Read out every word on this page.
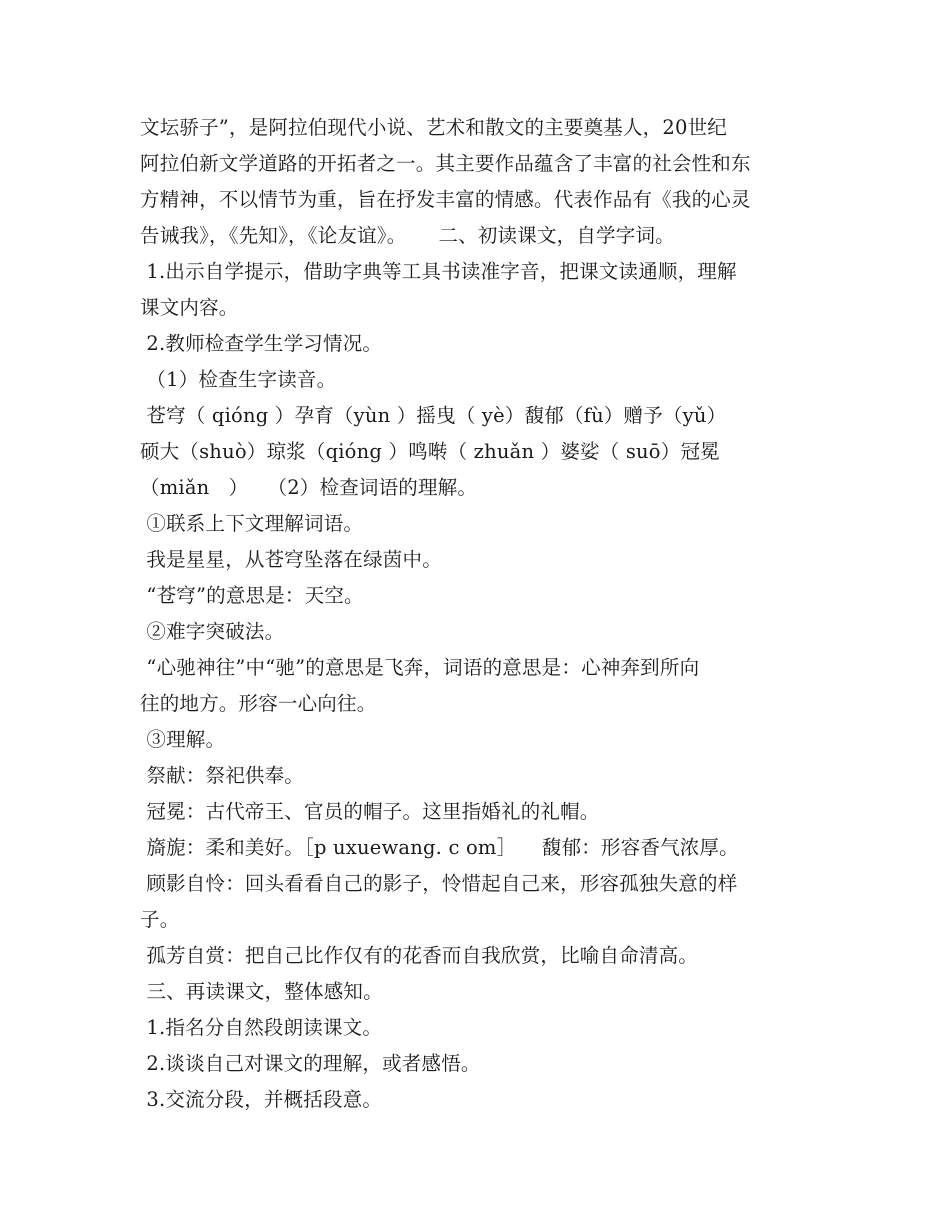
文坛骄子”，是阿拉伯现代小说、艺术和散文的主要奠基人，20世纪
阿拉伯新文学道路的开拓者之一。其主要作品蕴含了丰富的社会性和东
方精神，不以情节为重，旨在抒发丰富的情感。代表作品有《我的心灵
告诫我》，《先知》，《论友谊》。     二、初读课文，自学字词。
1.出示自学提示，借助字典等工具书读准字音，把课文读通顺，理解
课文内容。
2.教师检查学生学习情况。
（1）检查生字读音。
苍穹（ qióng ）孕育（yùn ）摇曳（ yè）馥郁（fù）赠予（yǔ）
硕大（shuò）琼浆（qióng ）鸣啭（ zhuǎn ）婆娑（ suō）冠冕
（miǎn   ）   （2）检查词语的理解。
①联系上下文理解词语。
我是星星，从苍穹坠落在绿茵中。
“苍穹”的意思是：天空。
②难字突破法。
“心驰神往”中“驰”的意思是飞奔，词语的意思是：心神奔到所向
往的地方。形容一心向往。
③理解。
祭献：祭祀供奉。
冠冕：古代帝王、官员的帽子。这里指婚礼的礼帽。
旖旎：柔和美好。［p uxuewang. c om］    馥郁：形容香气浓厚。
顾影自怜：回头看看自己的影子，怜惜起自己来，形容孤独失意的样
子。
孤芳自赏：把自己比作仅有的花香而自我欣赏，比喻自命清高。
三、再读课文，整体感知。
1.指名分自然段朗读课文。
2.谈谈自己对课文的理解，或者感悟。
3.交流分段，并概括段意。
